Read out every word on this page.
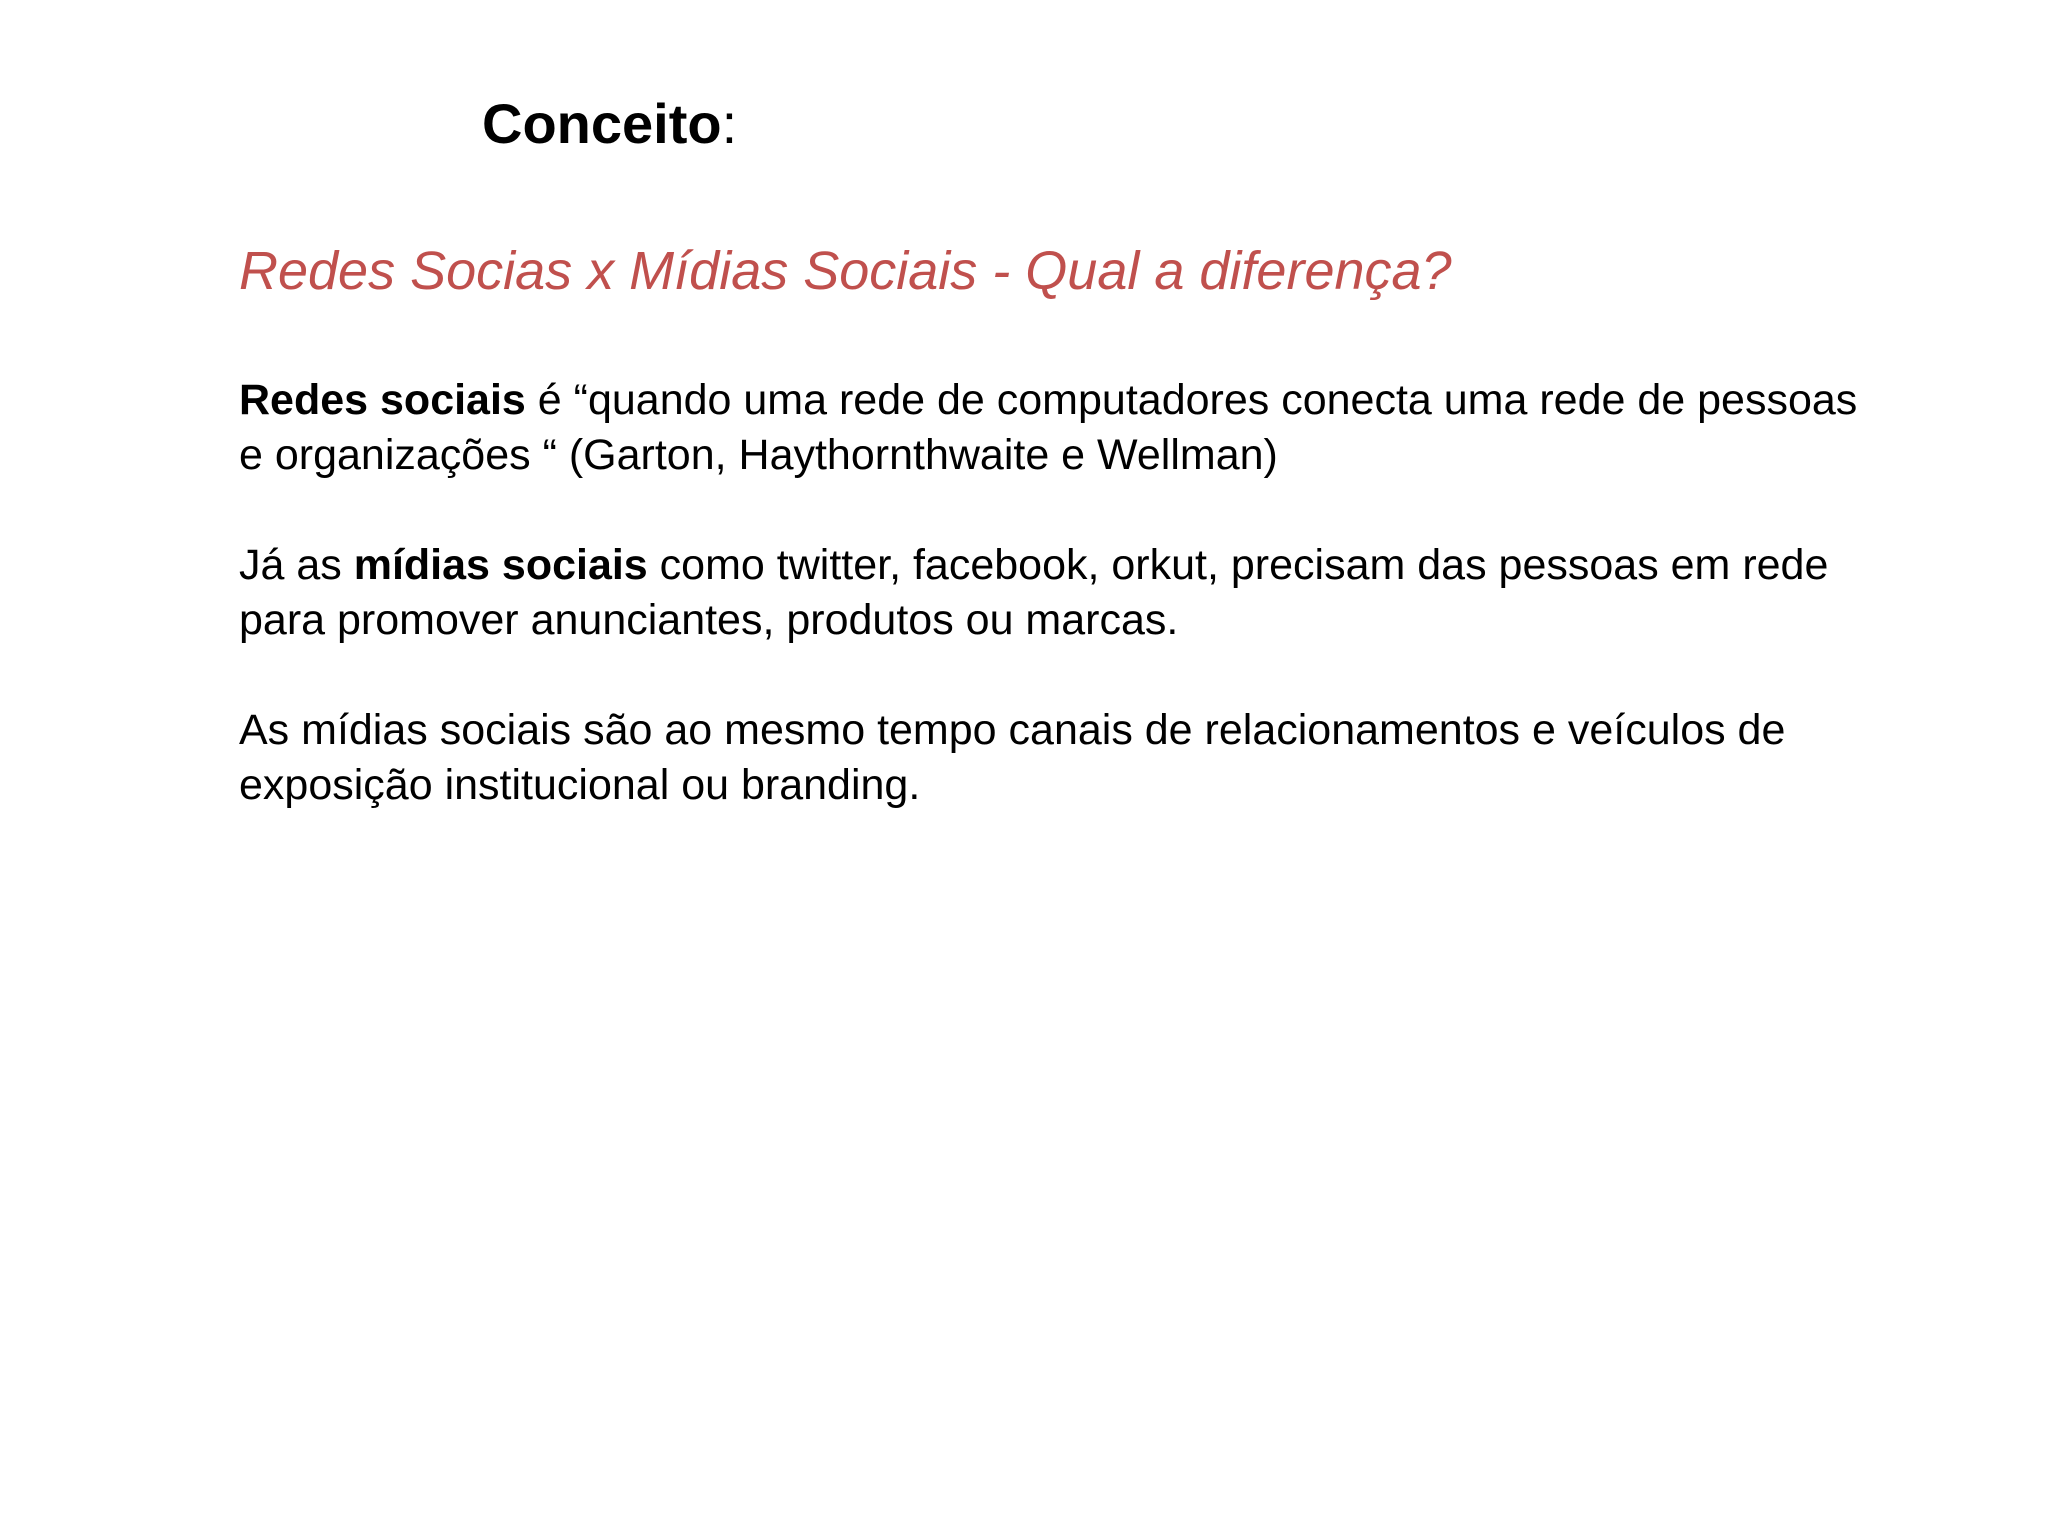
Conceito:
Redes Socias x Mídias Sociais - Qual a diferença?

Redes sociais é “quando uma rede de computadores conecta uma rede de pessoas e organizações “ (Garton, Haythornthwaite e Wellman)

Já as mídias sociais como twitter, facebook, orkut, precisam das pessoas em rede para promover anunciantes, produtos ou marcas.

As mídias sociais são ao mesmo tempo canais de relacionamentos e veículos de exposição institucional ou branding.
